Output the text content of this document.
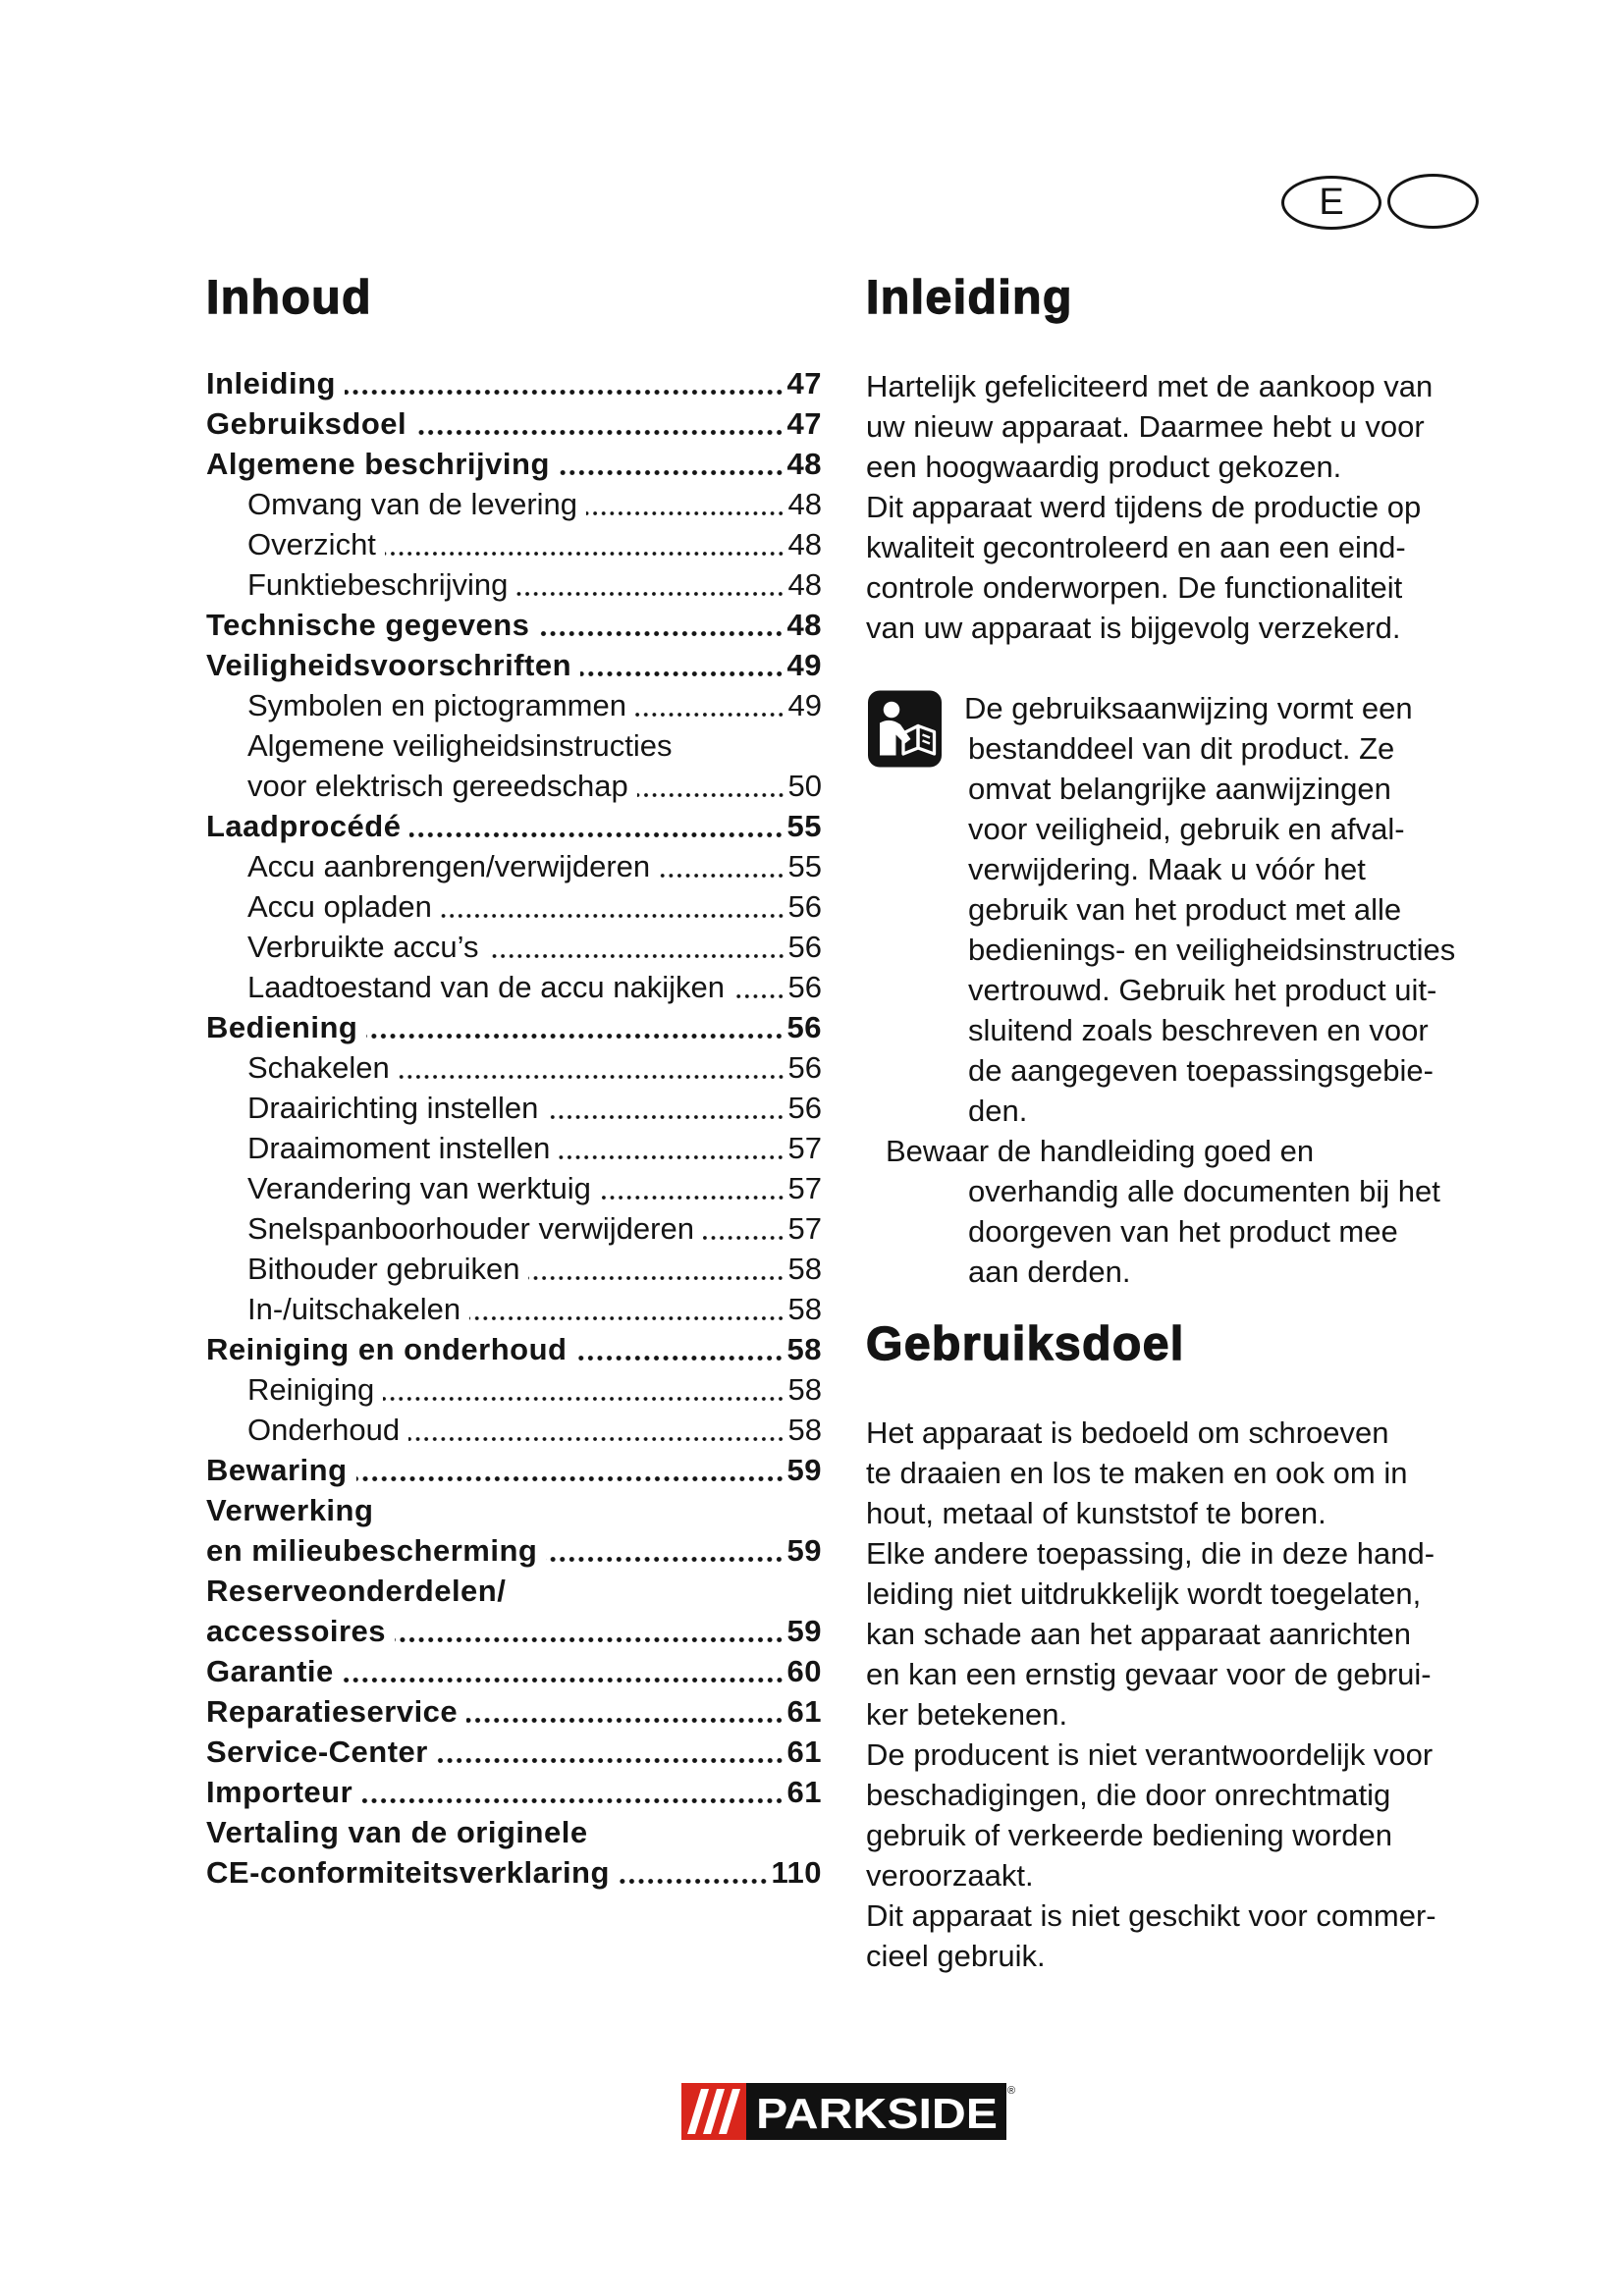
E
Inhoud
Inleiding	47
Gebruiksdoel	47
Algemene beschrijving	48
Omvang van de levering	48
Overzicht	48
Funktiebeschrijving	48
Technische gegevens	48
Veiligheidsvoorschriften	49
Symbolen en pictogrammen	49
Algemene veiligheidsinstructies
voor elektrisch gereedschap	50
Laadprocédé	55
Accu aanbrengen/verwijderen	55
Accu opladen	56
Verbruikte accu’s	56
Laadtoestand van de accu nakijken 56
Bediening	56
Schakelen	56
Draairichting instellen	56
Draaimoment instellen	57
Verandering van werktuig	57
Snelspanboorhouder verwijderen	57
Bithouder gebruiken	58
In-/uitschakelen	58
Reiniging en onderhoud	58
Reiniging	58
Onderhoud	58
Bewaring	59
Verwerking
en milieubescherming	59
Reserveonderdelen/
accessoires	59
Garantie	60
Reparatieservice	61
Service-Center	61
Importeur	61
Vertaling van de originele
CE-conformiteitsverklaring	110
Inleiding
Hartelijk gefeliciteerd met de aankoop van
uw nieuw apparaat. Daarmee hebt u voor
een hoogwaardig product gekozen.
Dit apparaat werd tijdens de productie op
kwaliteit gecontroleerd en aan een eind-
controle onderworpen. De functionaliteit
van uw apparaat is bijgevolg verzekerd.
De gebruiksaanwijzing vormt een
bestanddeel van dit product. Ze
omvat belangrijke aanwijzingen
voor veiligheid, gebruik en afval-
verwijdering. Maak u vóór het
gebruik van het product met alle
bedienings- en veiligheidsinstructies
vertrouwd. Gebruik het product uit-
sluitend zoals beschreven en voor
de aangegeven toepassingsgebie-
den.
Bewaar de handleiding goed en
overhandig alle documenten bij het
doorgeven van het product mee
aan derden.
Gebruiksdoel
Het apparaat is bedoeld om schroeven
te draaien en los te maken en ook om in
hout, metaal of kunststof te boren.
Elke andere toepassing, die in deze hand-
leiding niet uitdrukkelijk wordt toegelaten,
kan schade aan het apparaat aanrichten
en kan een ernstig gevaar voor de gebrui-
ker betekenen.
De producent is niet verantwoordelijk voor
beschadigingen, die door onrechtmatig
gebruik of verkeerde bediening worden
veroorzaakt.
Dit apparaat is niet geschikt voor commer-
cieel gebruik.
PARKSIDE ®
